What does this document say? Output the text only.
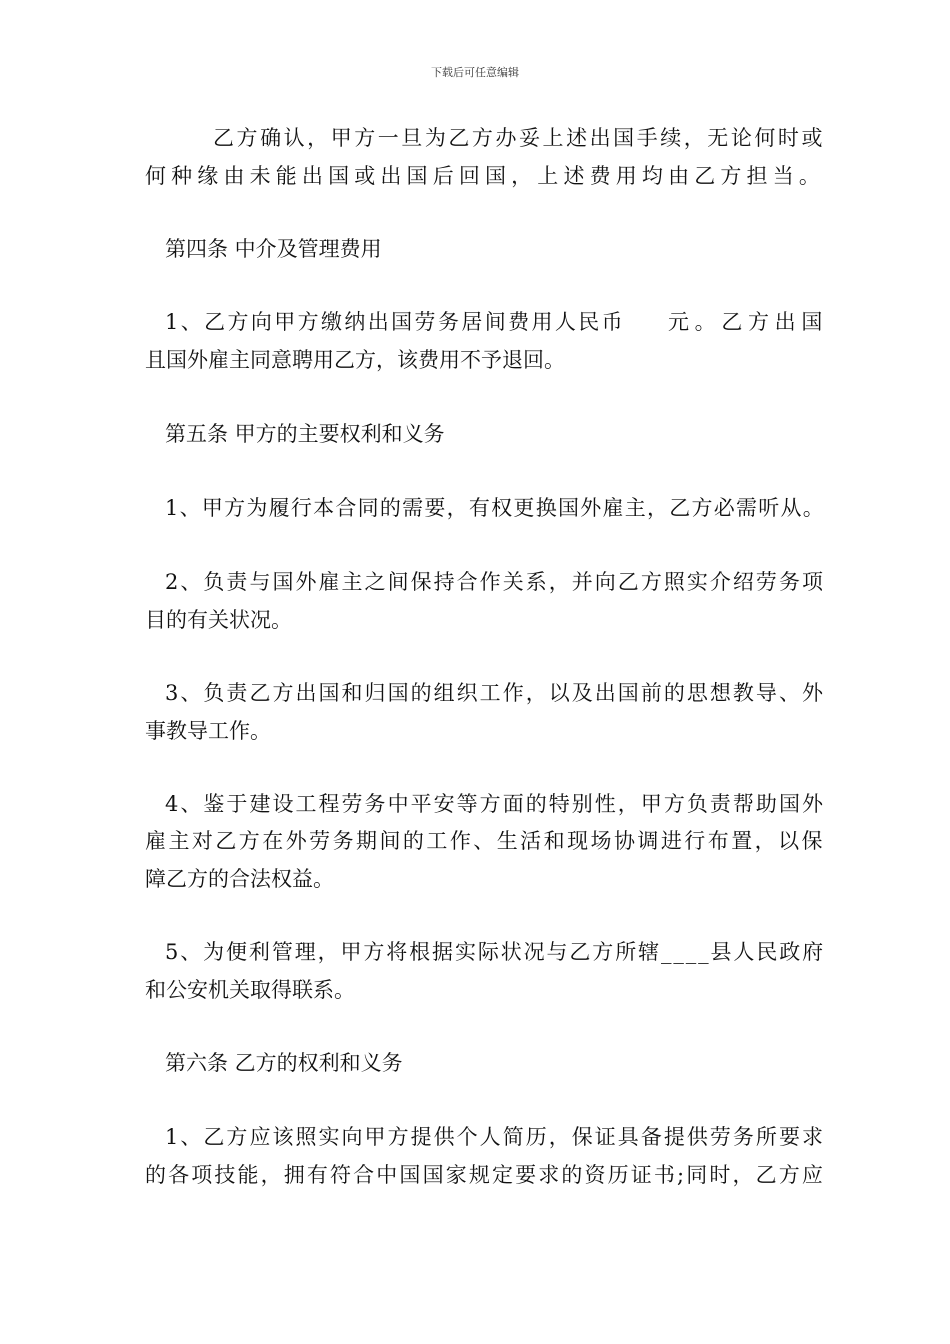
下载后可任意编辑
乙方确认，甲方一旦为乙方办妥上述出国手续，无论何时或
何种缘由未能出国或出国后回国，上述费用均由乙方担当。
第四条 中介及管理费用
1、乙方向甲方缴纳出国劳务居间费用人民币 元。乙方出国
且国外雇主同意聘用乙方，该费用不予退回。
第五条 甲方的主要权利和义务
1、甲方为履行本合同的需要，有权更换国外雇主，乙方必需听从。
2、负责与国外雇主之间保持合作关系，并向乙方照实介绍劳务项
目的有关状况。
3、负责乙方出国和归国的组织工作，以及出国前的思想教导、外
事教导工作。
4、鉴于建设工程劳务中平安等方面的特别性，甲方负责帮助国外
雇主对乙方在外劳务期间的工作、生活和现场协调进行布置，以保
障乙方的合法权益。
5、为便利管理，甲方将根据实际状况与乙方所辖____县人民政府
和公安机关取得联系。
第六条 乙方的权利和义务
1、乙方应该照实向甲方提供个人简历，保证具备提供劳务所要求
的各项技能，拥有符合中国国家规定要求的资历证书;同时，乙方应
